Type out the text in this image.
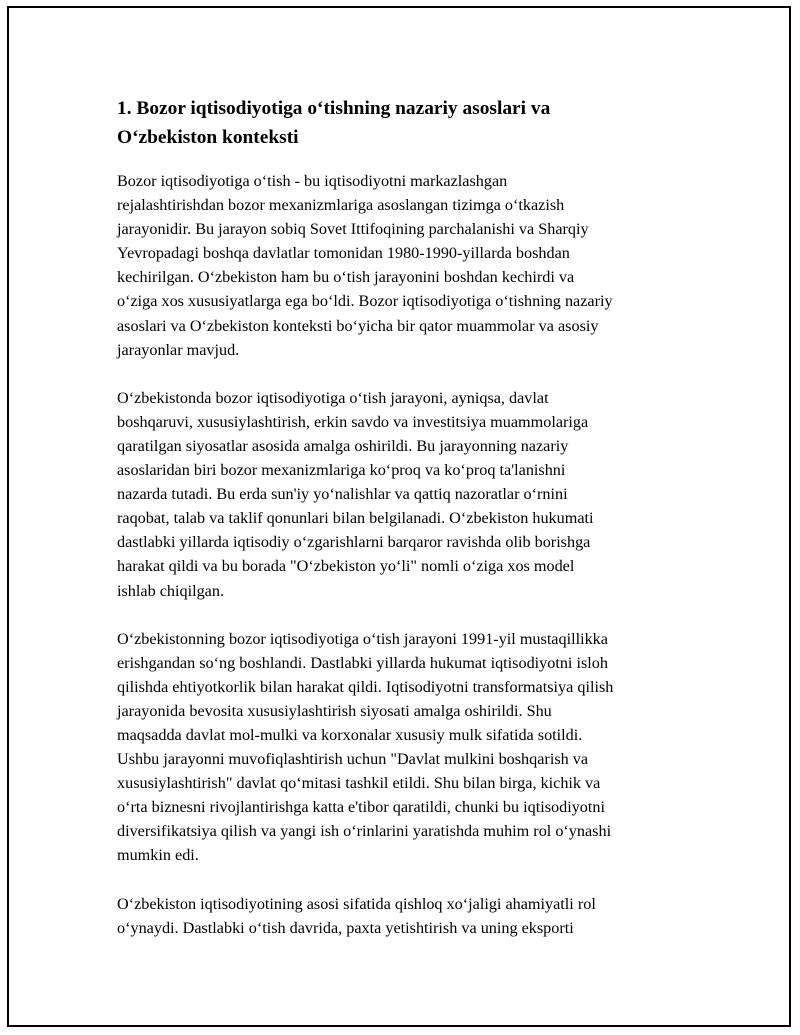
1. Bozor iqtisodiyotiga oʻtishning nazariy asoslari va
Oʻzbekiston konteksti

Bozor iqtisodiyotiga oʻtish - bu iqtisodiyotni markazlashgan
rejalashtirishdan bozor mexanizmlariga asoslangan tizimga oʻtkazish
jarayonidir. Bu jarayon sobiq Sovet Ittifoqining parchalanishi va Sharqiy
Yevropadagi boshqa davlatlar tomonidan 1980-1990-yillarda boshdan
kechirilgan. Oʻzbekiston ham bu oʻtish jarayonini boshdan kechirdi va
oʻziga xos xususiyatlarga ega boʻldi. Bozor iqtisodiyotiga oʻtishning nazariy
asoslari va Oʻzbekiston konteksti boʻyicha bir qator muammolar va asosiy
jarayonlar mavjud.

Oʻzbekistonda bozor iqtisodiyotiga oʻtish jarayoni, ayniqsa, davlat
boshqaruvi, xususiylashtirish, erkin savdo va investitsiya muammolariga
qaratilgan siyosatlar asosida amalga oshirildi. Bu jarayonning nazariy
asoslaridan biri bozor mexanizmlariga koʻproq va koʻproq ta'lanishni
nazarda tutadi. Bu erda sun'iy yoʻnalishlar va qattiq nazoratlar oʻrnini
raqobat, talab va taklif qonunlari bilan belgilanadi. Oʻzbekiston hukumati
dastlabki yillarda iqtisodiy oʻzgarishlarni barqaror ravishda olib borishga
harakat qildi va bu borada "Oʻzbekiston yoʻli" nomli oʻziga xos model
ishlab chiqilgan.

Oʻzbekistonning bozor iqtisodiyotiga oʻtish jarayoni 1991-yil mustaqillikka
erishgandan soʻng boshlandi. Dastlabki yillarda hukumat iqtisodiyotni isloh
qilishda ehtiyotkorlik bilan harakat qildi. Iqtisodiyotni transformatsiya qilish
jarayonida bevosita xususiylashtirish siyosati amalga oshirildi. Shu
maqsadda davlat mol-mulki va korxonalar xususiy mulk sifatida sotildi.
Ushbu jarayonni muvofiqlashtirish uchun "Davlat mulkini boshqarish va
xususiylashtirish" davlat qoʻmitasi tashkil etildi. Shu bilan birga, kichik va
oʻrta biznesni rivojlantirishga katta e'tibor qaratildi, chunki bu iqtisodiyotni
diversifikatsiya qilish va yangi ish oʻrinlarini yaratishda muhim rol oʻynashi
mumkin edi.

Oʻzbekiston iqtisodiyotining asosi sifatida qishloq xoʻjaligi ahamiyatli rol
oʻynaydi. Dastlabki oʻtish davrida, paxta yetishtirish va uning eksporti
